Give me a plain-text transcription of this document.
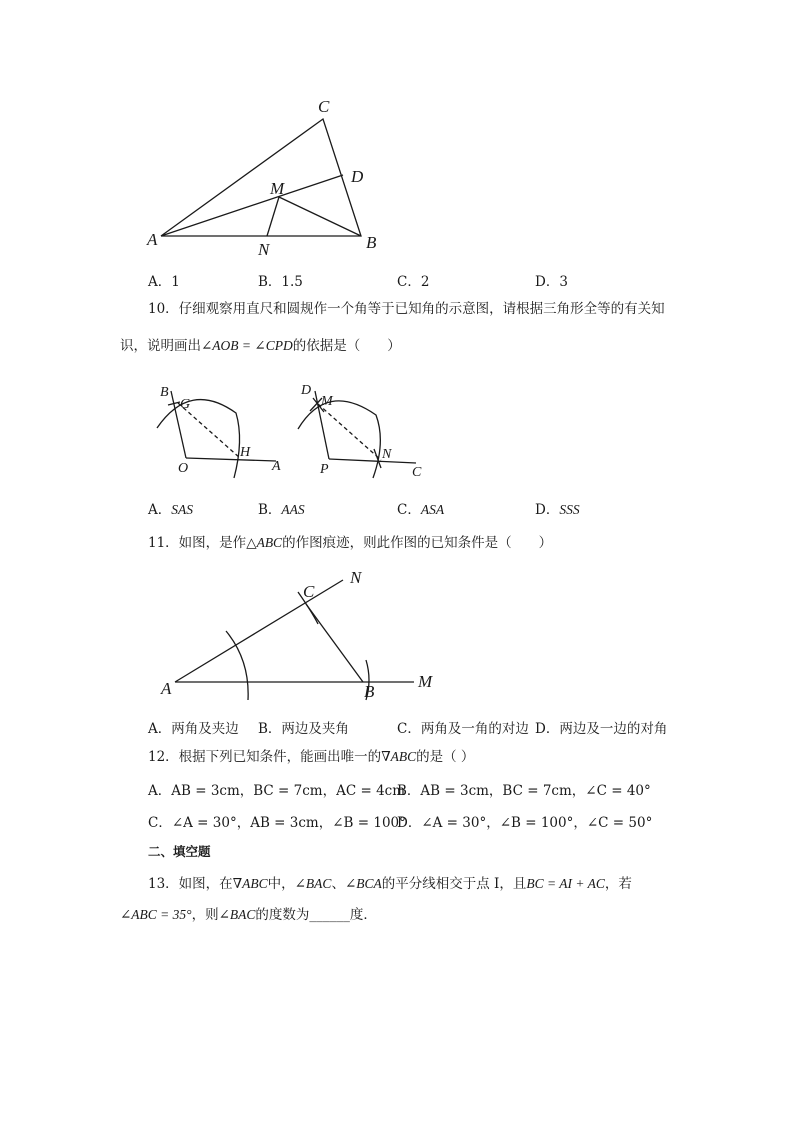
C
D
M
A
N	B
A．1	B．1.5	C．2	D．3
10．仔细观察用直尺和圆规作一个角等于已知角的示意图，请根据三角形全等的有关知
识，说明画出∠AOB = ∠CPD的依据是（　　）
B
G
O
H
A
D
M
P
N
C
A．SAS	B．AAS	C．ASA	D．SSS
11．如图，是作△ABC的作图痕迹，则此作图的已知条件是（　　）
N
C
M
A	B
A．两角及夹边 B．两边及夹角	C．两角及一角的对边 D．两边及一边的对角
12．根据下列已知条件，能画出唯一的∇ABC的是（ ）
A．AB = 3cm，BC = 7cm，AC = 4cm
B．AB = 3cm，BC = 7cm，∠C = 40°
C．∠A = 30°，AB = 3cm，∠B = 100°
D．∠A = 30°，∠B = 100°，∠C = 50°
二、填空题
13．如图，在∇ABC中，∠BAC、∠BCA的平分线相交于点 I，且BC = AI + AC，若
∠ABC = 35°，则∠BAC的度数为______度．
